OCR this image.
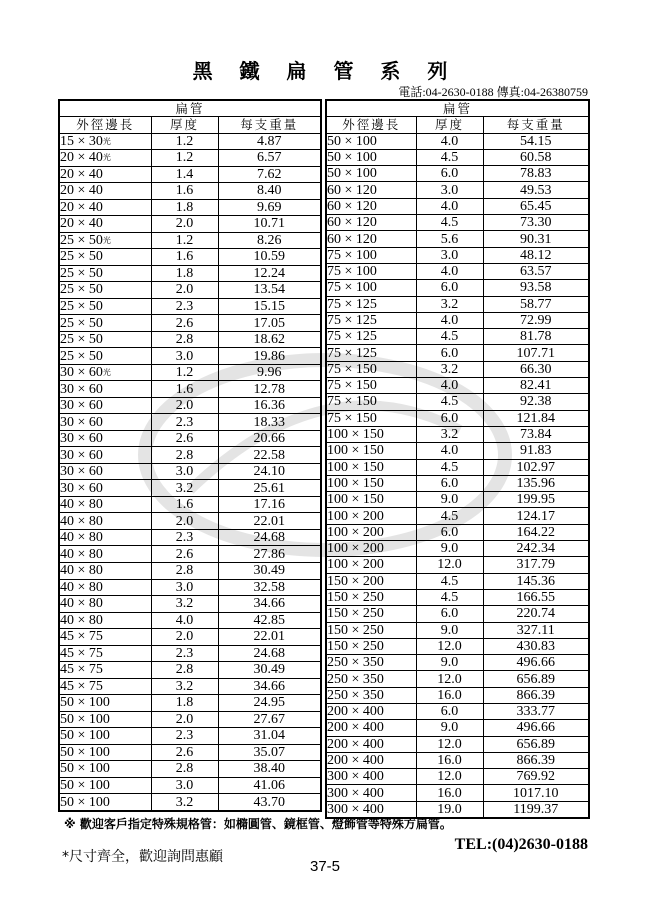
黑 鐵 扁 管 系 列
電話:04-2630-0188 傳真:04-26380759
扁管		
外徑邊長	厚度	每支重量
15 × 30$^光$	1.2	4.87
20 × 40$^光$	1.2	6.57
20 × 40	1.4	7.62
20 × 40	1.6	8.40
20 × 40	1.8	9.69
20 × 40	2.0	10.71
25 × 50$^光$	1.2	8.26
25 × 50	1.6	10.59
25 × 50	1.8	12.24
25 × 50	2.0	13.54
25 × 50	2.3	15.15
25 × 50	2.6	17.05
25 × 50	2.8	18.62
25 × 50	3.0	19.86
30 × 60$^光$	1.2	9.96
30 × 60	1.6	12.78
30 × 60	2.0	16.36
30 × 60	2.3	18.33
30 × 60	2.6	20.66
30 × 60	2.8	22.58
30 × 60	3.0	24.10
30 × 60	3.2	25.61
40 × 80	1.6	17.16
40 × 80	2.0	22.01
40 × 80	2.3	24.68
40 × 80	2.6	27.86
40 × 80	2.8	30.49
40 × 80	3.0	32.58
40 × 80	3.2	34.66
40 × 80	4.0	42.85
45 × 75	2.0	22.01
45 × 75	2.3	24.68
45 × 75	2.8	30.49
45 × 75	3.2	34.66
50 × 100	1.8	24.95
50 × 100	2.0	27.67
50 × 100	2.3	31.04
50 × 100	2.6	35.07
50 × 100	2.8	38.40
50 × 100	3.0	41.06
50 × 100	3.2	43.70
扁管		
外徑邊長	厚度	每支重量
50 × 100	4.0	54.15
50 × 100	4.5	60.58
50 × 100	6.0	78.83
60 × 120	3.0	49.53
60 × 120	4.0	65.45
60 × 120	4.5	73.30
60 × 120	5.6	90.31
75 × 100	3.0	48.12
75 × 100	4.0	63.57
75 × 100	6.0	93.58
75 × 125	3.2	58.77
75 × 125	4.0	72.99
75 × 125	4.5	81.78
75 × 125	6.0	107.71
75 × 150	3.2	66.30
75 × 150	4.0	82.41
75 × 150	4.5	92.38
75 × 150	6.0	121.84
100 × 150	3.2	73.84
100 × 150	4.0	91.83
100 × 150	4.5	102.97
100 × 150	6.0	135.96
100 × 150	9.0	199.95
100 × 200	4.5	124.17
100 × 200	6.0	164.22
100 × 200	9.0	242.34
100 × 200	12.0	317.79
150 × 200	4.5	145.36
150 × 250	4.5	166.55
150 × 250	6.0	220.74
150 × 250	9.0	327.11
150 × 250	12.0	430.83
250 × 350	9.0	496.66
250 × 350	12.0	656.89
250 × 350	16.0	866.39
200 × 400	6.0	333.77
200 × 400	9.0	496.66
200 × 400	12.0	656.89
200 × 400	16.0	866.39
300 × 400	12.0	769.92
300 × 400	16.0	1017.10
300 × 400	19.0	1199.37
※ 歡迎客戶指定特殊規格管：如橢圓管、鏡框管、燈飾管等特殊方扁管。
*尺寸齊全，歡迎詢問惠顧
TEL:(04)2630-0188
37-5
